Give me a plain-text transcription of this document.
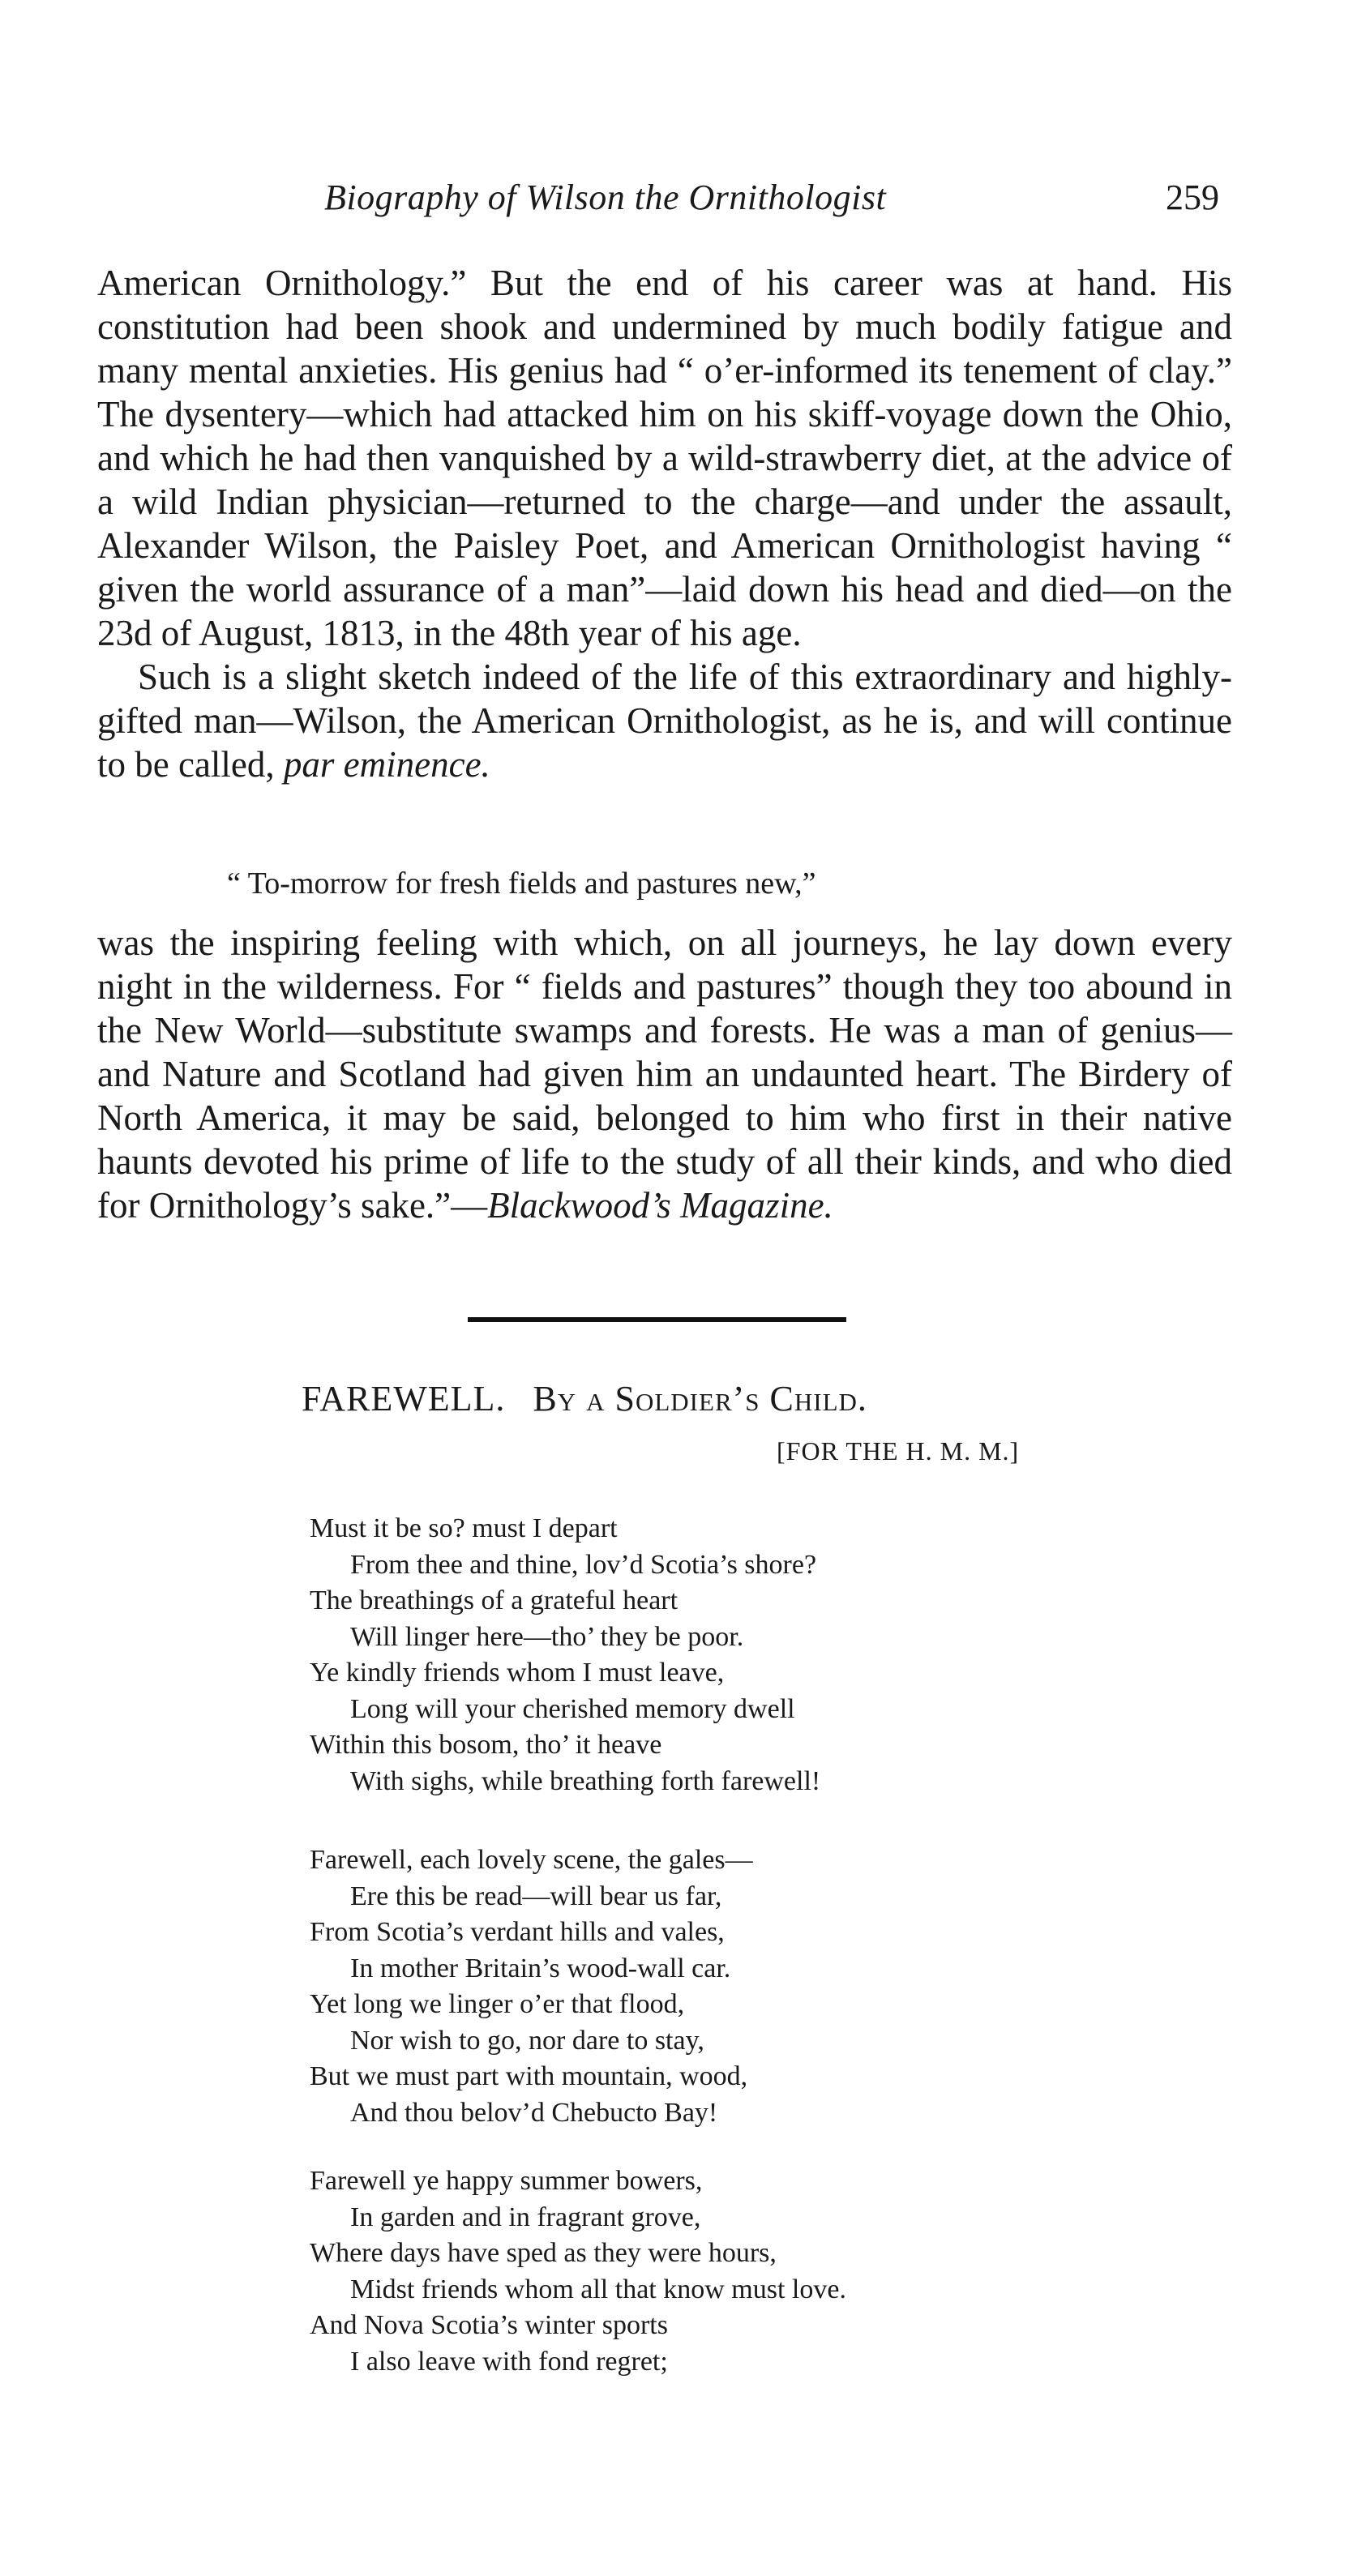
Biography of Wilson the Ornithologist	259

American Ornithology.” But the end of his career was at hand. His constitution had been shook and undermined by much bodily fatigue and many mental anxieties. His genius had “ o’er-informed its tenement of clay.” The dysentery—which had attacked him on his skiff-voyage down the Ohio, and which he had then vanquished by a wild-strawberry diet, at the advice of a wild Indian physician—returned to the charge—and under the assault, Alexander Wilson, the Paisley Poet, and American Ornithologist having “ given the world assurance of a man”—laid down his head and died—on the 23d of August, 1813, in the 48th year of his age.

Such is a slight sketch indeed of the life of this extraordinary and highly-gifted man—Wilson, the American Ornithologist, as he is, and will continue to be called, par eminence.

“ To-morrow for fresh fields and pastures new,”

was the inspiring feeling with which, on all journeys, he lay down every night in the wilderness. For “ fields and pastures” though they too abound in the New World—substitute swamps and forests. He was a man of genius—and Nature and Scotland had given him an undaunted heart. The Birdery of North America, it may be said, belonged to him who first in their native haunts devoted his prime of life to the study of all their kinds, and who died for Ornithology’s sake.”—Blackwood’s Magazine.

FAREWELL. By a Soldier’s Child.
[FOR THE H. M. M.]
Must it be so? must I depart
From thee and thine, lov’d Scotia’s shore?
The breathings of a grateful heart
Will linger here—tho’ they be poor.
Ye kindly friends whom I must leave,
Long will your cherished memory dwell
Within this bosom, tho’ it heave
With sighs, while breathing forth farewell!
Farewell, each lovely scene, the gales—
Ere this be read—will bear us far,
From Scotia’s verdant hills and vales,
In mother Britain’s wood-wall car.
Yet long we linger o’er that flood,
Nor wish to go, nor dare to stay,
But we must part with mountain, wood,
And thou belov’d Chebucto Bay!
Farewell ye happy summer bowers,
In garden and in fragrant grove,
Where days have sped as they were hours,
Midst friends whom all that know must love.
And Nova Scotia’s winter sports
I also leave with fond regret;
